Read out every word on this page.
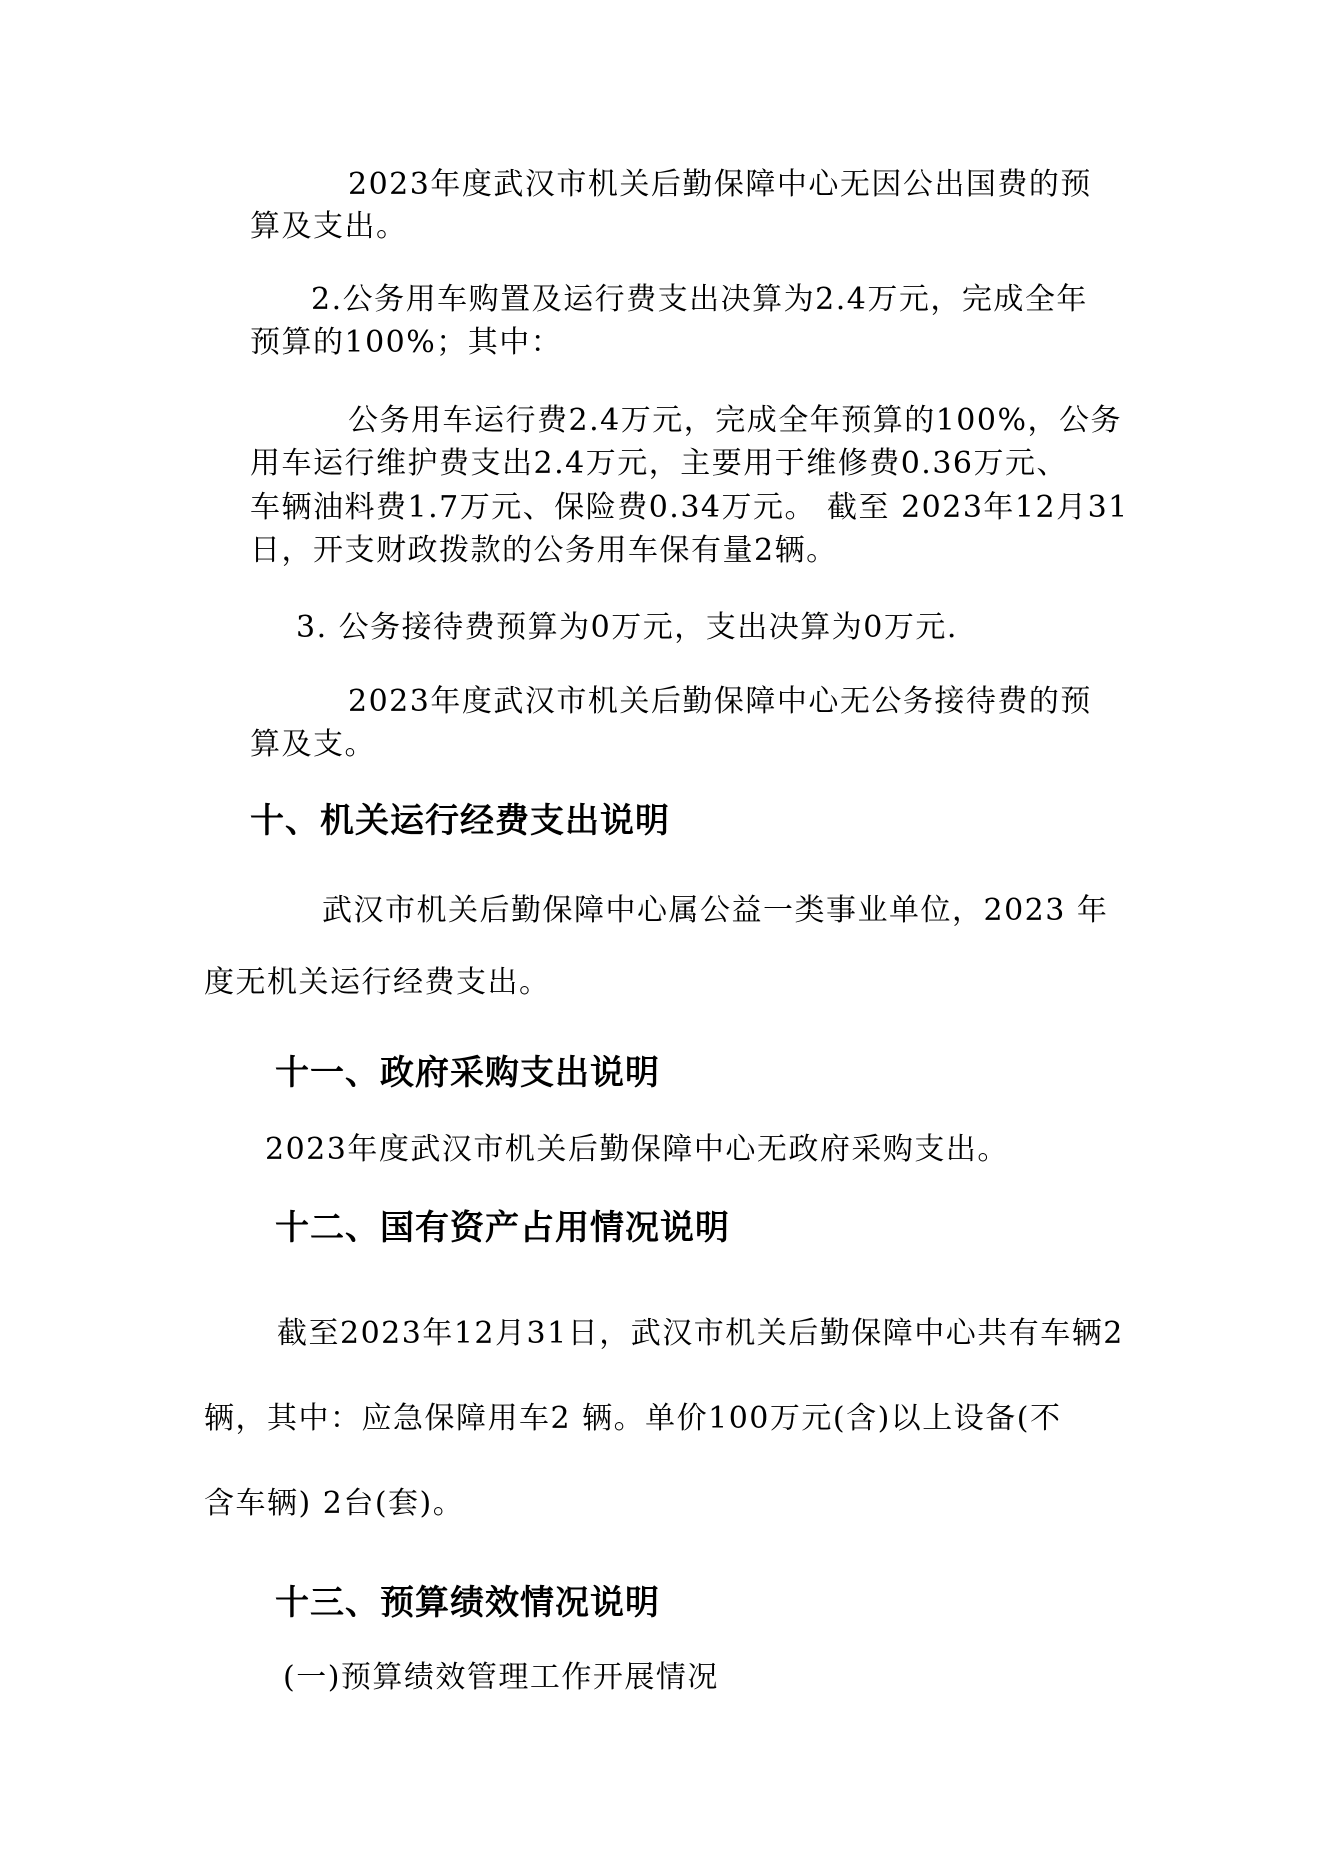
2023年度武汉市机关后勤保障中心无因公出国费的预
算及支出。
2.公务用车购置及运行费支出决算为2.4万元，完成全年
预算的100%；其中：
公务用车运行费2.4万元，完成全年预算的100%，公务
用车运行维护费支出2.4万元，主要用于维修费0.36万元、
车辆油料费1.7万元、保险费0.34万元。 截至 2023年12月31
日，开支财政拨款的公务用车保有量2辆。
3. 公务接待费预算为0万元，支出决算为0万元.
2023年度武汉市机关后勤保障中心无公务接待费的预
算及支。
十、机关运行经费支出说明
武汉市机关后勤保障中心属公益一类事业单位，2023 年
度无机关运行经费支出。
十一、政府采购支出说明
2023年度武汉市机关后勤保障中心无政府采购支出。
十二、国有资产占用情况说明
截至2023年12月31日，武汉市机关后勤保障中心共有车辆2
辆，其中：应急保障用车2 辆。单价100万元(含)以上设备(不
含车辆) 2台(套)。
十三、预算绩效情况说明
(一)预算绩效管理工作开展情况
